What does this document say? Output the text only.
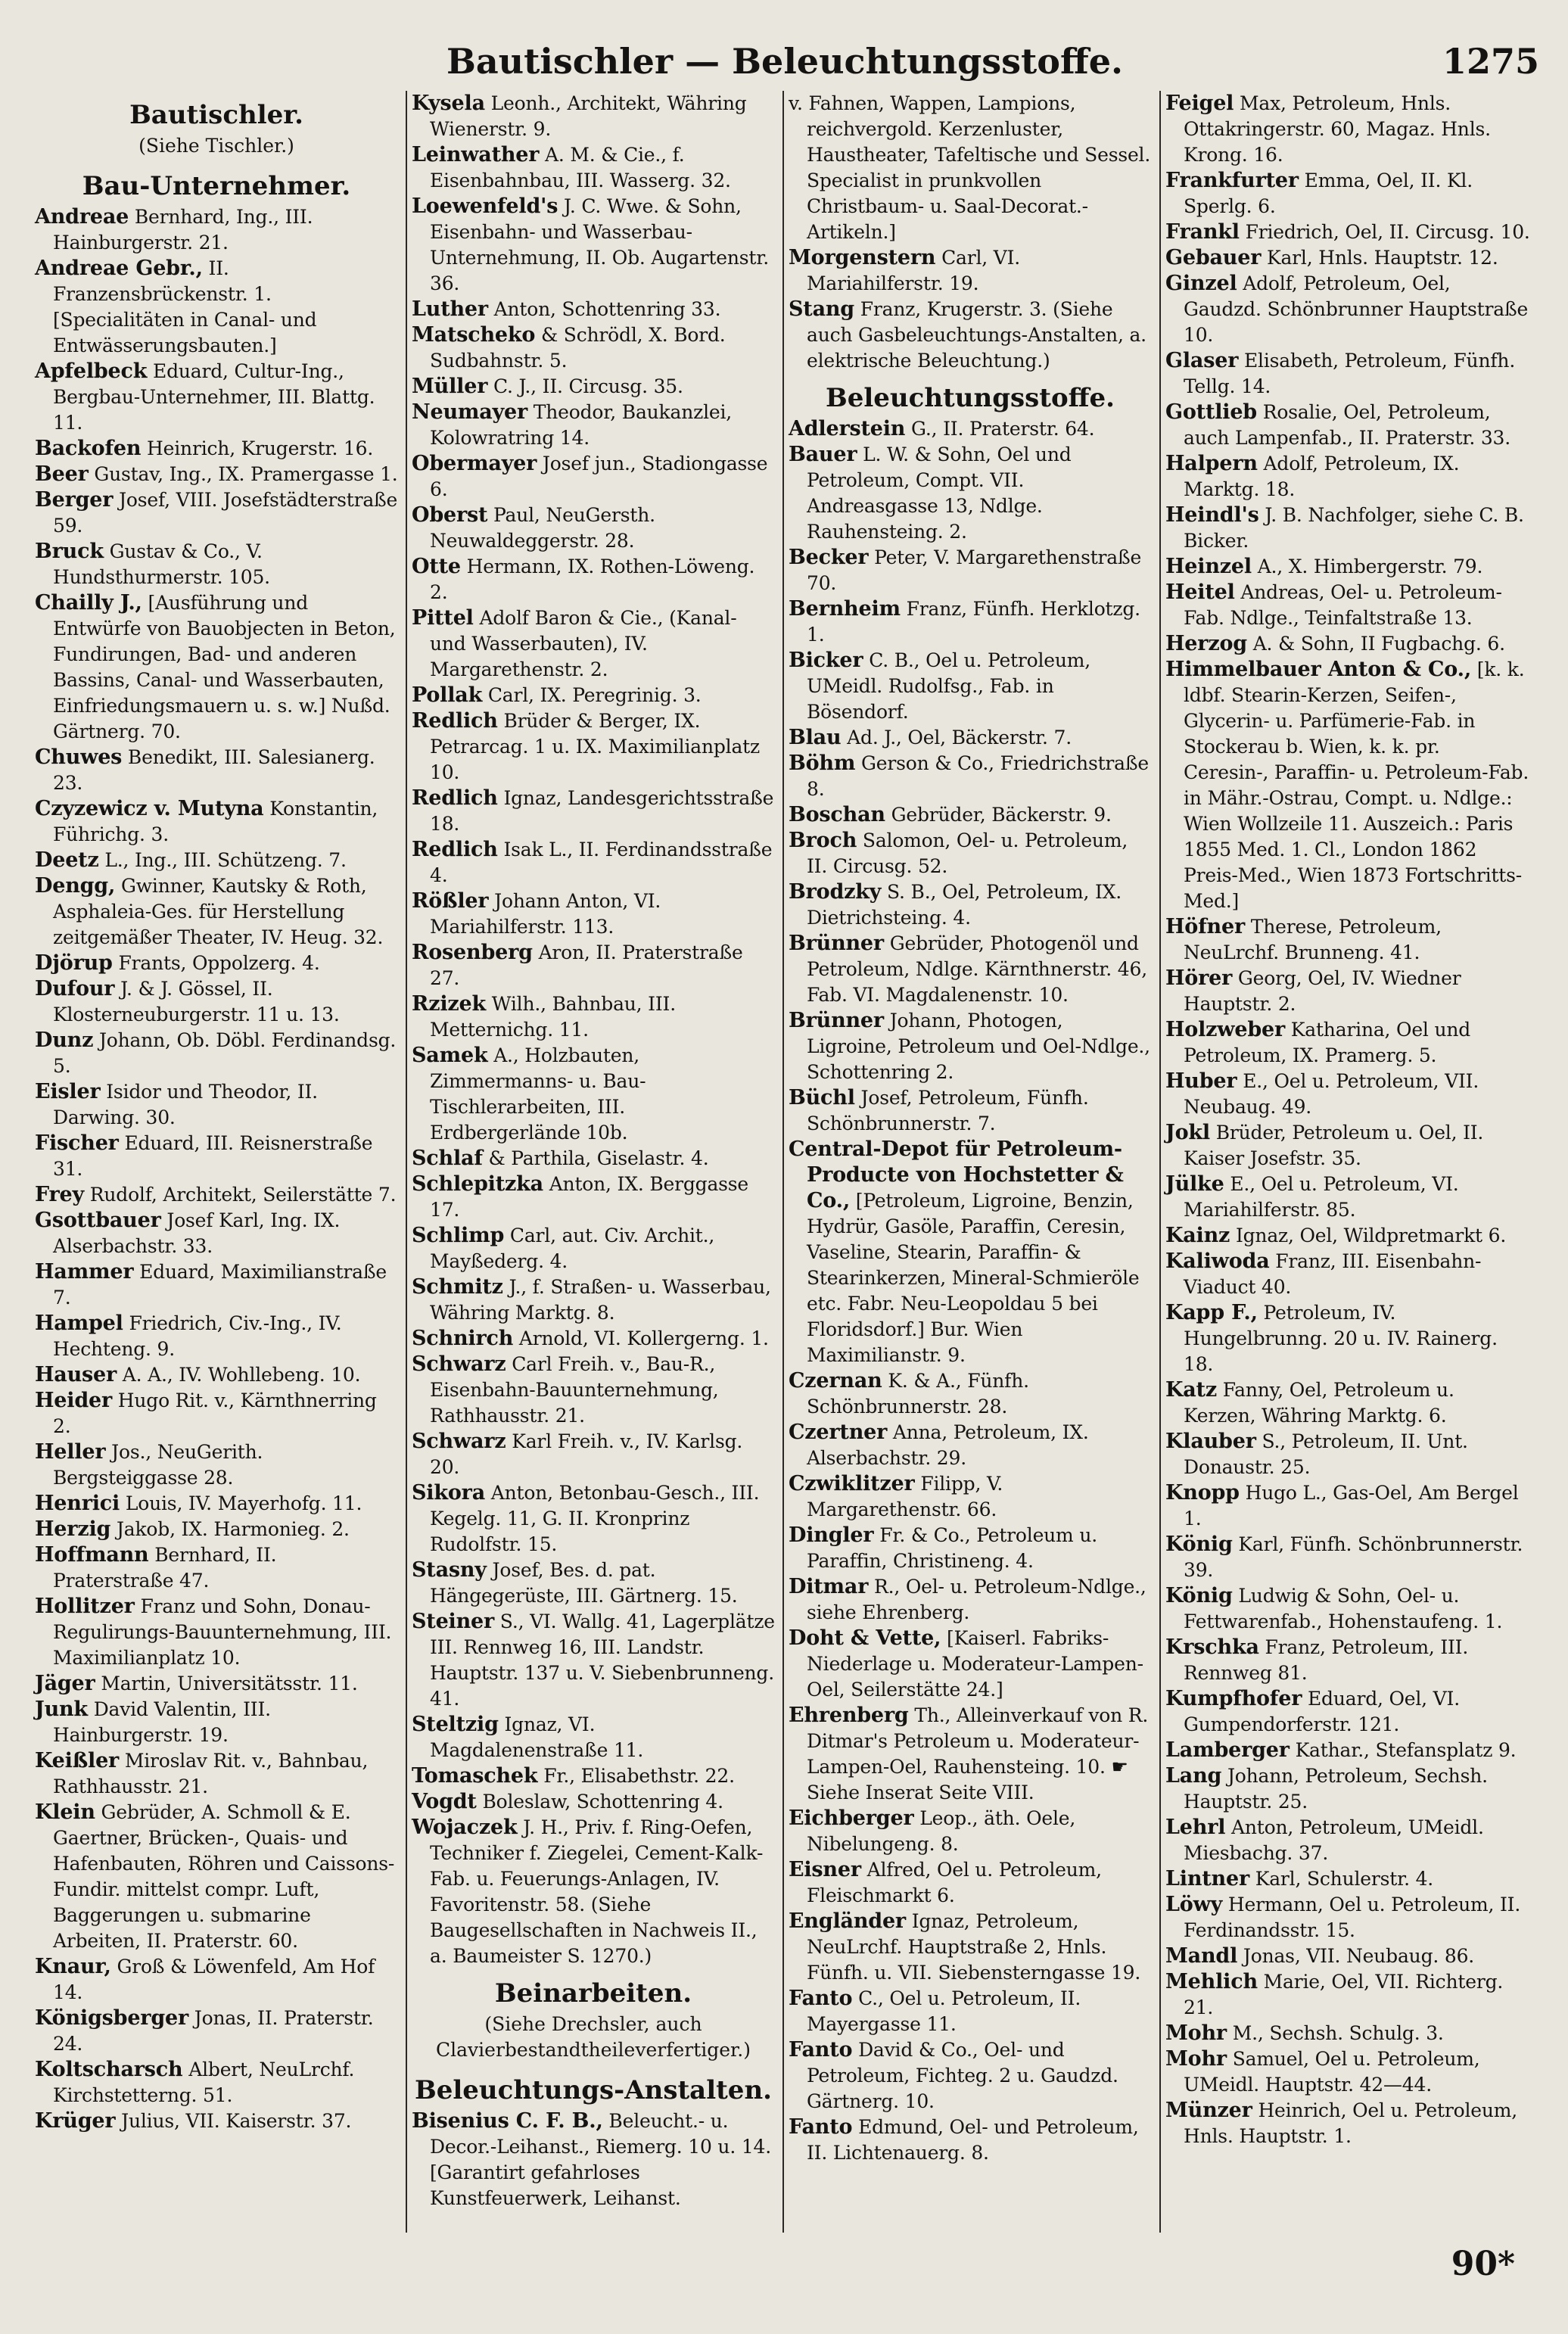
Bautischler — Beleuchtungsstoffe.	1275
Bautischler.
(Siehe Tischler.)
Bau-Unternehmer.

Andreae Bernhard, Ing., III. Hainburgerstr. 21.

Andreae Gebr., II. Franzensbrückenstr. 1. [Specialitäten in Canal- und Entwässerungsbauten.]

Apfelbeck Eduard, Cultur-Ing., Bergbau-Unternehmer, III. Blattg. 11.

Backofen Heinrich, Krugerstr. 16.

Beer Gustav, Ing., IX. Pramergasse 1.

Berger Josef, VIII. Josefstädterstraße 59.

Bruck Gustav & Co., V. Hundsthurmerstr. 105.

Chailly J., [Ausführung und Entwürfe von Bauobjecten in Beton, Fundirungen, Bad- und anderen Bassins, Canal- und Wasserbauten, Einfriedungsmauern u. s. w.] Nußd. Gärtnerg. 70.

Chuwes Benedikt, III. Salesianerg. 23.

Czyzewicz v. Mutyna Konstantin, Führichg. 3.

Deetz L., Ing., III. Schützeng. 7.

Dengg, Gwinner, Kautsky & Roth, Asphaleia-Ges. für Herstellung zeitgemäßer Theater, IV. Heug. 32.

Djörup Frants, Oppolzerg. 4.

Dufour J. & J. Gössel, II. Klosterneuburgerstr. 11 u. 13.

Dunz Johann, Ob. Döbl. Ferdinandsg. 5.

Eisler Isidor und Theodor, II. Darwing. 30.

Fischer Eduard, III. Reisnerstraße 31.

Frey Rudolf, Architekt, Seilerstätte 7.

Gsottbauer Josef Karl, Ing. IX. Alserbachstr. 33.

Hammer Eduard, Maximilianstraße 7.

Hampel Friedrich, Civ.-Ing., IV. Hechteng. 9.

Hauser A. A., IV. Wohllebeng. 10.

Heider Hugo Rit. v., Kärnthnerring 2.

Heller Jos., NeuGerith. Bergsteiggasse 28.

Henrici Louis, IV. Mayerhofg. 11.

Herzig Jakob, IX. Harmonieg. 2.

Hoffmann Bernhard, II. Praterstraße 47.

Hollitzer Franz und Sohn, Donau-Regulirungs-Bauunternehmung, III. Maximilianplatz 10.

Jäger Martin, Universitätsstr. 11.

Junk David Valentin, III. Hainburgerstr. 19.

Keißler Miroslav Rit. v., Bahnbau, Rathhausstr. 21.

Klein Gebrüder, A. Schmoll & E. Gaertner, Brücken-, Quais- und Hafenbauten, Röhren und Caissons-Fundir. mittelst compr. Luft, Baggerungen u. submarine Arbeiten, II. Praterstr. 60.

Knaur, Groß & Löwenfeld, Am Hof 14.

Königsberger Jonas, II. Praterstr. 24.

Koltscharsch Albert, NeuLrchf. Kirchstetterng. 51.

Krüger Julius, VII. Kaiserstr. 37.

Kysela Leonh., Architekt, Währing Wienerstr. 9.

Leinwather A. M. & Cie., f. Eisenbahnbau, III. Wasserg. 32.

Loewenfeld's J. C. Wwe. & Sohn, Eisenbahn- und Wasserbau-Unternehmung, II. Ob. Augartenstr. 36.

Luther Anton, Schottenring 33.

Matscheko & Schrödl, X. Bord. Sudbahnstr. 5.

Müller C. J., II. Circusg. 35.

Neumayer Theodor, Baukanzlei, Kolowratring 14.

Obermayer Josef jun., Stadiongasse 6.

Oberst Paul, NeuGersth. Neuwaldeggerstr. 28.

Otte Hermann, IX. Rothen-Löweng. 2.

Pittel Adolf Baron & Cie., (Kanal- und Wasserbauten), IV. Margarethenstr. 2.

Pollak Carl, IX. Peregrinig. 3.

Redlich Brüder & Berger, IX. Petrarcag. 1 u. IX. Maximilianplatz 10.

Redlich Ignaz, Landesgerichtsstraße 18.

Redlich Isak L., II. Ferdinandsstraße 4.

Rößler Johann Anton, VI. Mariahilferstr. 113.

Rosenberg Aron, II. Praterstraße 27.

Rzizek Wilh., Bahnbau, III. Metternichg. 11.

Samek A., Holzbauten, Zimmermanns- u. Bau-Tischlerarbeiten, III. Erdbergerlände 10b.

Schlaf & Parthila, Giselastr. 4.

Schlepitzka Anton, IX. Berggasse 17.

Schlimp Carl, aut. Civ. Archit., Mayßederg. 4.

Schmitz J., f. Straßen- u. Wasserbau, Währing Marktg. 8.

Schnirch Arnold, VI. Kollergerng. 1.

Schwarz Carl Freih. v., Bau-R., Eisenbahn-Bauunternehmung, Rathhausstr. 21.

Schwarz Karl Freih. v., IV. Karlsg. 20.

Sikora Anton, Betonbau-Gesch., III. Kegelg. 11, G. II. Kronprinz Rudolfstr. 15.

Stasny Josef, Bes. d. pat. Hängegerüste, III. Gärtnerg. 15.

Steiner S., VI. Wallg. 41, Lagerplätze III. Rennweg 16, III. Landstr. Hauptstr. 137 u. V. Siebenbrunneng. 41.

Steltzig Ignaz, VI. Magdalenenstraße 11.

Tomaschek Fr., Elisabethstr. 22.

Vogdt Boleslaw, Schottenring 4.

Wojaczek J. H., Priv. f. Ring-Oefen, Techniker f. Ziegelei, Cement-Kalk-Fab. u. Feuerungs-Anlagen, IV. Favoritenstr. 58. (Siehe Baugesellschaften in Nachweis II., a. Baumeister S. 1270.)

Beinarbeiten.
(Siehe Drechsler, auch Clavierbestandtheileverfertiger.)
Beleuchtungs-Anstalten.

Bisenius C. F. B., Beleucht.- u. Decor.-Leihanst., Riemerg. 10 u. 14. [Garantirt gefahrloses Kunstfeuerwerk, Leihanst.

v. Fahnen, Wappen, Lampions, reichvergold. Kerzenluster, Haustheater, Tafeltische und Sessel. Specialist in prunkvollen Christbaum- u. Saal-Decorat.-Artikeln.]

Morgenstern Carl, VI. Mariahilferstr. 19.

Stang Franz, Krugerstr. 3. (Siehe auch Gasbeleuchtungs-Anstalten, a. elektrische Beleuchtung.)

Beleuchtungsstoffe.

Adlerstein G., II. Praterstr. 64.

Bauer L. W. & Sohn, Oel und Petroleum, Compt. VII. Andreasgasse 13, Ndlge. Rauhensteing. 2.

Becker Peter, V. Margarethenstraße 70.

Bernheim Franz, Fünfh. Herklotzg. 1.

Bicker C. B., Oel u. Petroleum, UMeidl. Rudolfsg., Fab. in Bösendorf.

Blau Ad. J., Oel, Bäckerstr. 7.

Böhm Gerson & Co., Friedrichstraße 8.

Boschan Gebrüder, Bäckerstr. 9.

Broch Salomon, Oel- u. Petroleum, II. Circusg. 52.

Brodzky S. B., Oel, Petroleum, IX. Dietrichsteing. 4.

Brünner Gebrüder, Photogenöl und Petroleum, Ndlge. Kärnthnerstr. 46, Fab. VI. Magdalenenstr. 10.

Brünner Johann, Photogen, Ligroine, Petroleum und Oel-Ndlge., Schottenring 2.

Büchl Josef, Petroleum, Fünfh. Schönbrunnerstr. 7.

Central-Depot für Petroleum-Producte von Hochstetter & Co., [Petroleum, Ligroine, Benzin, Hydrür, Gasöle, Paraffin, Ceresin, Vaseline, Stearin, Paraffin- & Stearinkerzen, Mineral-Schmieröle etc. Fabr. Neu-Leopoldau 5 bei Floridsdorf.] Bur. Wien Maximilianstr. 9.

Czernan K. & A., Fünfh. Schönbrunnerstr. 28.

Czertner Anna, Petroleum, IX. Alserbachstr. 29.

Czwiklitzer Filipp, V. Margarethenstr. 66.

Dingler Fr. & Co., Petroleum u. Paraffin, Christineng. 4.

Ditmar R., Oel- u. Petroleum-Ndlge., siehe Ehrenberg.

Doht & Vette, [Kaiserl. Fabriks-Niederlage u. Moderateur-Lampen-Oel, Seilerstätte 24.]

Ehrenberg Th., Alleinverkauf von R. Ditmar's Petroleum u. Moderateur-Lampen-Oel, Rauhensteing. 10. ☛ Siehe Inserat Seite VIII.

Eichberger Leop., äth. Oele, Nibelungeng. 8.

Eisner Alfred, Oel u. Petroleum, Fleischmarkt 6.

Engländer Ignaz, Petroleum, NeuLrchf. Hauptstraße 2, Hnls. Fünfh. u. VII. Siebensterngasse 19.

Fanto C., Oel u. Petroleum, II. Mayergasse 11.

Fanto David & Co., Oel- und Petroleum, Fichteg. 2 u. Gaudzd. Gärtnerg. 10.

Fanto Edmund, Oel- und Petroleum, II. Lichtenauerg. 8.

Feigel Max, Petroleum, Hnls. Ottakringerstr. 60, Magaz. Hnls. Krong. 16.

Frankfurter Emma, Oel, II. Kl. Sperlg. 6.

Frankl Friedrich, Oel, II. Circusg. 10.

Gebauer Karl, Hnls. Hauptstr. 12.

Ginzel Adolf, Petroleum, Oel, Gaudzd. Schönbrunner Hauptstraße 10.

Glaser Elisabeth, Petroleum, Fünfh. Tellg. 14.

Gottlieb Rosalie, Oel, Petroleum, auch Lampenfab., II. Praterstr. 33.

Halpern Adolf, Petroleum, IX. Marktg. 18.

Heindl's J. B. Nachfolger, siehe C. B. Bicker.

Heinzel A., X. Himbergerstr. 79.

Heitel Andreas, Oel- u. Petroleum-Fab. Ndlge., Teinfaltstraße 13.

Herzog A. & Sohn, II Fugbachg. 6.

Himmelbauer Anton & Co., [k. k. ldbf. Stearin-Kerzen, Seifen-, Glycerin- u. Parfümerie-Fab. in Stockerau b. Wien, k. k. pr. Ceresin-, Paraffin- u. Petroleum-Fab. in Mähr.-Ostrau, Compt. u. Ndlge.: Wien Wollzeile 11. Auszeich.: Paris 1855 Med. 1. Cl., London 1862 Preis-Med., Wien 1873 Fortschritts-Med.]

Höfner Therese, Petroleum, NeuLrchf. Brunneng. 41.

Hörer Georg, Oel, IV. Wiedner Hauptstr. 2.

Holzweber Katharina, Oel und Petroleum, IX. Pramerg. 5.

Huber E., Oel u. Petroleum, VII. Neubaug. 49.

Jokl Brüder, Petroleum u. Oel, II. Kaiser Josefstr. 35.

Jülke E., Oel u. Petroleum, VI. Mariahilferstr. 85.

Kainz Ignaz, Oel, Wildpretmarkt 6.

Kaliwoda Franz, III. Eisenbahn-Viaduct 40.

Kapp F., Petroleum, IV. Hungelbrunng. 20 u. IV. Rainerg. 18.

Katz Fanny, Oel, Petroleum u. Kerzen, Währing Marktg. 6.

Klauber S., Petroleum, II. Unt. Donaustr. 25.

Knopp Hugo L., Gas-Oel, Am Bergel 1.

König Karl, Fünfh. Schönbrunnerstr. 39.

König Ludwig & Sohn, Oel- u. Fettwarenfab., Hohenstaufeng. 1.

Krschka Franz, Petroleum, III. Rennweg 81.

Kumpfhofer Eduard, Oel, VI. Gumpendorferstr. 121.

Lamberger Kathar., Stefansplatz 9.

Lang Johann, Petroleum, Sechsh. Hauptstr. 25.

Lehrl Anton, Petroleum, UMeidl. Miesbachg. 37.

Lintner Karl, Schulerstr. 4.

Löwy Hermann, Oel u. Petroleum, II. Ferdinandsstr. 15.

Mandl Jonas, VII. Neubaug. 86.

Mehlich Marie, Oel, VII. Richterg. 21.

Mohr M., Sechsh. Schulg. 3.

Mohr Samuel, Oel u. Petroleum, UMeidl. Hauptstr. 42—44.

Münzer Heinrich, Oel u. Petroleum, Hnls. Hauptstr. 1.

90*
